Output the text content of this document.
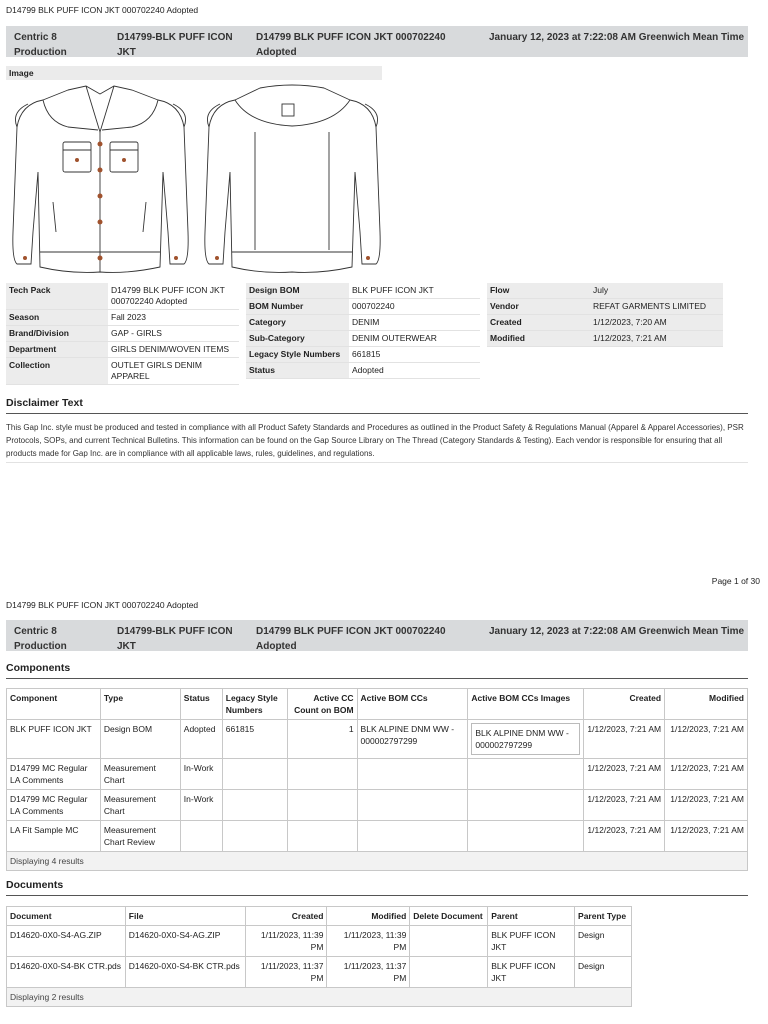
D14799 BLK PUFF ICON JKT 000702240 Adopted
Centric 8
Production
D14799-BLK PUFF ICON
JKT
D14799 BLK PUFF ICON JKT 000702240
Adopted
January 12, 2023 at 7:22:08 AM Greenwich Mean Time
Image
Tech Pack	D14799 BLK PUFF ICON JKT 000702240 Adopted
Season	Fall 2023
Brand/Division	GAP - GIRLS
Department	GIRLS DENIM/WOVEN ITEMS
Collection	OUTLET GIRLS DENIM APPAREL
Design BOM	BLK PUFF ICON JKT
BOM Number	000702240
Category	DENIM
Sub-Category	DENIM OUTERWEAR
Legacy Style Numbers	661815
Status	Adopted
Flow	July
Vendor	REFAT GARMENTS LIMITED
Created	1/12/2023, 7:20 AM
Modified	1/12/2023, 7:21 AM
Disclaimer Text
This Gap Inc. style must be produced and tested in compliance with all Product Safety Standards and Procedures as outlined in the Product Safety & Regulations Manual (Apparel & Apparel Accessories), PSR Protocols, SOPs, and current Technical Bulletins. This information can be found on the Gap Source Library on The Thread (Category Standards & Testing). Each vendor is responsible for ensuring that all products made for Gap Inc. are in compliance with all applicable laws, rules, guidelines, and regulations.
Page 1 of 30
D14799 BLK PUFF ICON JKT 000702240 Adopted
Centric 8
Production
D14799-BLK PUFF ICON
JKT
D14799 BLK PUFF ICON JKT 000702240
Adopted
January 12, 2023 at 7:22:08 AM Greenwich Mean Time
Components
Component	Type	Status	Legacy Style Numbers	Active CC Count on BOM	Active BOM CCs	Active BOM CCs Images	Created	Modified
BLK PUFF ICON JKT	Design BOM	Adopted	661815	1	BLK ALPINE DNM WW - 000002797299	BLK ALPINE DNM WW - 000002797299	1/12/2023, 7:21 AM	1/12/2023, 7:21 AM
D14799 MC Regular LA Comments	Measurement Chart	In-Work					1/12/2023, 7:21 AM	1/12/2023, 7:21 AM
D14799 MC Regular LA Comments	Measurement Chart	In-Work					1/12/2023, 7:21 AM	1/12/2023, 7:21 AM
LA Fit Sample MC	Measurement Chart Review						1/12/2023, 7:21 AM	1/12/2023, 7:21 AM
Displaying 4 results								
Documents
Document	File	Created	Modified	Delete Document	Parent	Parent Type
D14620-0X0-S4-AG.ZIP	D14620-0X0-S4-AG.ZIP	1/11/2023, 11:39 PM	1/11/2023, 11:39 PM		BLK PUFF ICON JKT	Design
D14620-0X0-S4-BK CTR.pds	D14620-0X0-S4-BK CTR.pds	1/11/2023, 11:37 PM	1/11/2023, 11:37 PM		BLK PUFF ICON JKT	Design
Displaying 2 results						
